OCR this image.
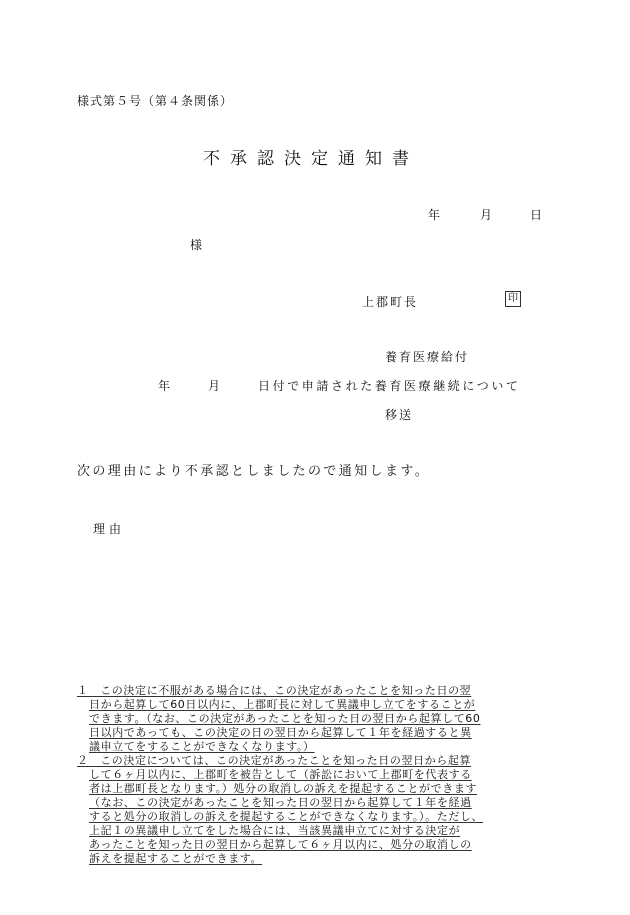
様式第５号（第４条関係）
不承認決定通知書
年	月	日
様
上郡町長	印
養育医療給付
年	月	日付で申請された養育医療継続について
移送
次の理由により不承認としましたので通知します。
理由
１　この決定に不服がある場合には、この決定があったことを知った日の翌
日から起算して60日以内に、上郡町長に対して異議申し立てをすることが
できます。（なお、この決定があったことを知った日の翌日から起算して60
日以内であっても、この決定の日の翌日から起算して１年を経過すると異
議申立てをすることができなくなります。）
２　この決定については、この決定があったことを知った日の翌日から起算
して６ヶ月以内に、上郡町を被告として（訴訟において上郡町を代表する
者は上郡町長となります。）処分の取消しの訴えを提起することができます
（なお、この決定があったことを知った日の翌日から起算して１年を経過
すると処分の取消しの訴えを提起することができなくなります。）。ただし、
上記１の異議申し立てをした場合には、当該異議申立てに対する決定が
あったことを知った日の翌日から起算して６ヶ月以内に、処分の取消しの
訴えを提起することができます。
